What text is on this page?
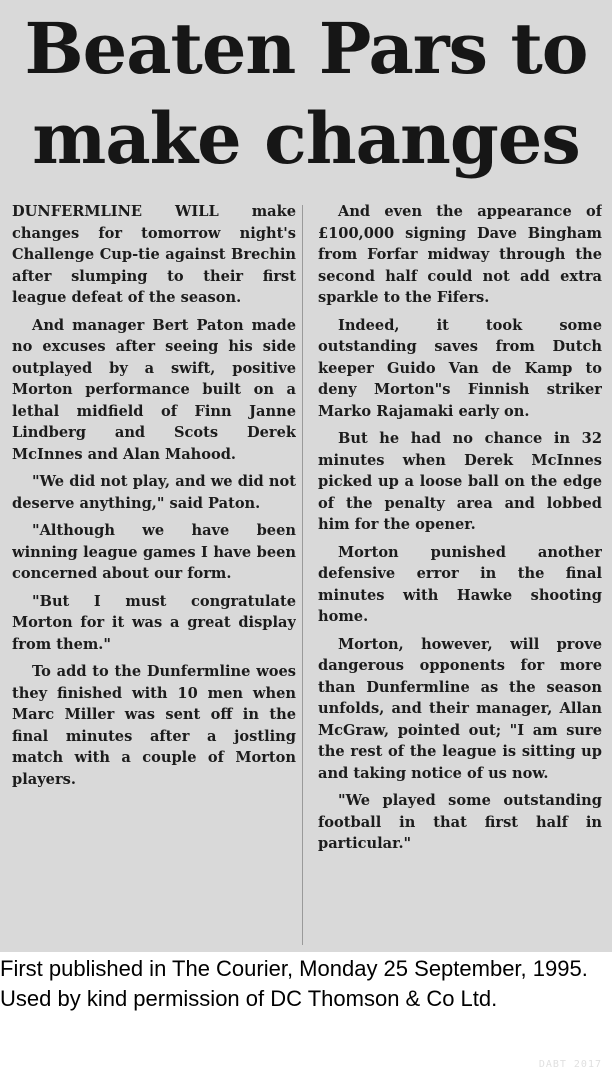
Beaten Pars to
make changes

DUNFERMLINE WILL make changes for tomorrow night's Challenge Cup-tie against Brechin after slumping to their first league defeat of the season.

And manager Bert Paton made no excuses after seeing his side outplayed by a swift, positive Morton performance built on a lethal midfield of Finn Janne Lindberg and Scots Derek McInnes and Alan Mahood.

"We did not play, and we did not deserve anything," said Paton.

"Although we have been winning league games I have been concerned about our form.

"But I must congratulate Morton for it was a great display from them."

To add to the Dunfermline woes they finished with 10 men when Marc Miller was sent off in the final minutes after a jostling match with a couple of Morton players.

And even the appearance of £100,000 signing Dave Bingham from Forfar midway through the second half could not add extra sparkle to the Fifers.

Indeed, it took some outstanding saves from Dutch keeper Guido Van de Kamp to deny Morton"s Finnish striker Marko Rajamaki early on.

But he had no chance in 32 minutes when Derek McInnes picked up a loose ball on the edge of the penalty area and lobbed him for the opener.

Morton punished another defensive error in the final minutes with Hawke shooting home.

Morton, however, will prove dangerous opponents for more than Dunfermline as the season unfolds, and their manager, Allan McGraw, pointed out; "I am sure the rest of the league is sitting up and taking notice of us now.

"We played some outstanding football in that first half in particular."

First published in The Courier, Monday 25 September, 1995.
Used by kind permission of DC Thomson & Co Ltd.
DABT 2017
